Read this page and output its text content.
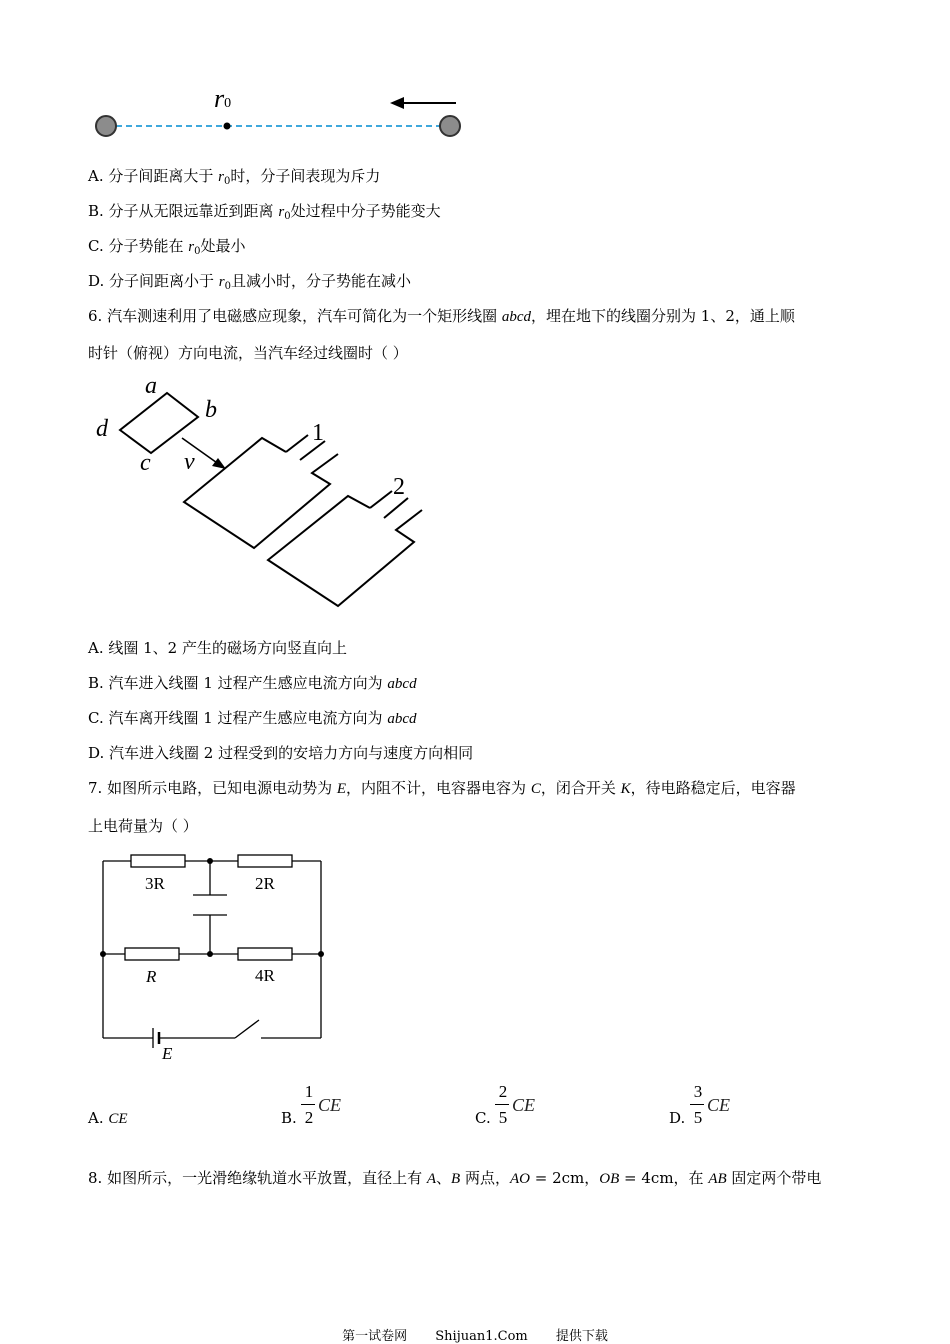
r0
A. 分子间距离大于 $r_0$时，分子间表现为斥力
B. 分子从无限远靠近到距离 $r_0$处过程中分子势能变大
C. 分子势能在 $r_0$处最小
D. 分子间距离小于 $r_0$且减小时，分子势能在减小
6. 汽车测速利用了电磁感应现象，汽车可简化为一个矩形线圈 abcd，埋在地下的线圈分别为 1、2，通上顺
时针（俯视）方向电流，当汽车经过线圈时（ ）
a
b
d
c v
1
2
A. 线圈 1、2 产生的磁场方向竖直向上
B. 汽车进入线圈 1 过程产生感应电流方向为 abcd
C. 汽车离开线圈 1 过程产生感应电流方向为 abcd
D. 汽车进入线圈 2 过程受到的安培力方向与速度方向相同
7. 如图所示电路，已知电源电动势为 E，内阻不计，电容器电容为 C，闭合开关 K，待电路稳定后，电容器
上电荷量为（ ）
3R	2R
R	4R
E
A. CE	B.
1
2
CE
C.
2
5
CE
D.
3
5
CE
8. 如图所示，一光滑绝缘轨道水平放置，直径上有 A、B 两点，AO = 2cm，OB = 4cm，在 AB 固定两个带电
第一试卷网 Shijuan1.Com 提供下载
